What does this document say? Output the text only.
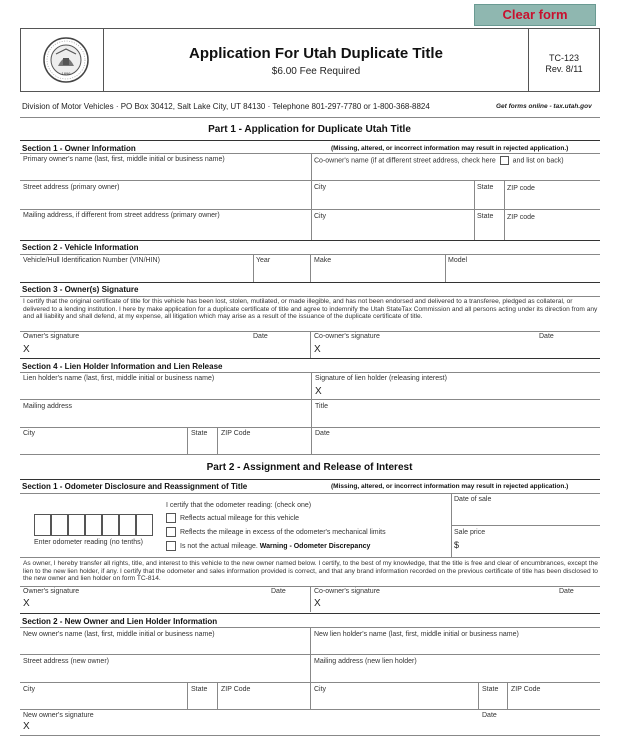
Clear form
1896
Application For Utah Duplicate Title
$6.00 Fee Required
TC-123
Rev. 8/11
Division of Motor Vehicles · PO Box 30412, Salt Lake City, UT 84130 · Telephone 801-297-7780 or 1-800-368-8824	Get forms online - tax.utah.gov
Part 1 - Application for Duplicate Utah Title
Section 1 - Owner Information	(Missing, altered, or incorrect information may result in rejected application.)
Primary owner's name (last, first, middle initial or business name)	Co-owner's name (if at different street address, check here and list on back)
Street address (primary owner)	City	State ZIP code
Mailing address, if different from street address (primary owner)	City	State ZIP code
Section 2 - Vehicle Information
Vehicle/Hull Identification Number (VIN/HIN)	Year	Make	Model
Section 3 - Owner(s) Signature
I certify that the original certificate of title for this vehicle has been lost, stolen, mutilated, or made illegible, and has not been endorsed and delivered to a transferee, pledged as collateral, or delivered to a lending institution. I here by make application for a duplicate certificate of title and agree to indemnify the Utah StateTax Commission and all persons acting under its direction from any and all liability and shall defend, at my expense, all litigation which may arise as a result of the issuance of the duplicate certificate of title.
Owner's signature	Date
X
Co-owner's signature	Date
X
Section 4 - Lien Holder Information and Lien Release
Lien holder's name (last, first, middle initial or business name)	Signature of lien holder (releasing interest)
X
Mailing address	Title
City	State ZIP Code	Date
Part 2 - Assignment and Release of Interest
Section 1 - Odometer Disclosure and Reassignment of Title	(Missing, altered, or incorrect information may result in rejected application.)
Enter odometer reading (no tenths)
I certify that the odometer reading: (check one)
Reflects actual mileage for this vehicle
Reflects the mileage in excess of the odometer's mechanical limits
Is not the actual mileage. Warning - Odometer Discrepancy
Date of sale
Sale price
$
As owner, I hereby transfer all rights, title, and interest to this vehicle to the new owner named below. I certify, to the best of my knowledge, that the title is free and clear of encumbrances, except the lien to the new lien holder, if any. I certify that the odometer and sales information provided is correct, and that any brand information recorded on the previous certificate of title has been disclosed to the new owner and lien holder on form TC-814.
Owner's signature	Date
X
Co-owner's signature	Date
X
Section 2 - New Owner and Lien Holder Information
New owner's name (last, first, middle initial or business name)	New lien holder's name (last, first, middle initial or business name)
Street address (new owner)	Mailing address (new lien holder)
City	State ZIP Code	City	State ZIP Code
New owner's signature
X
Date
